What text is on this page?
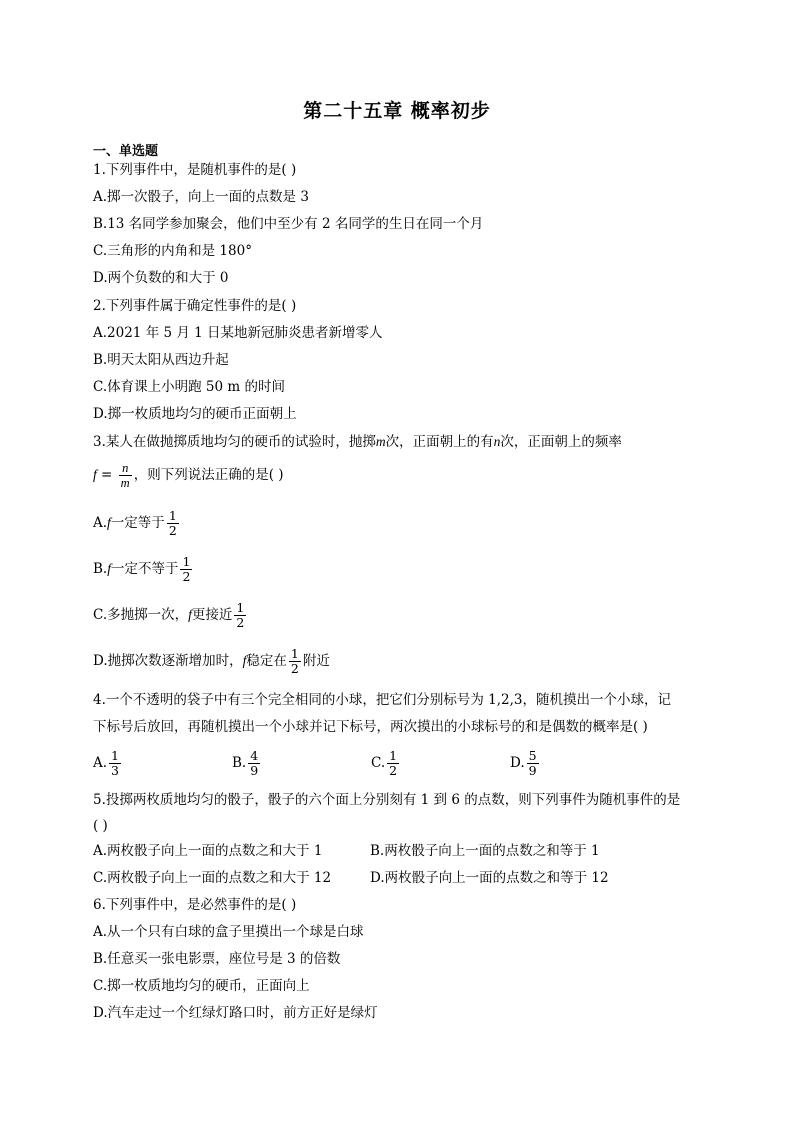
第二十五章 概率初步
一、单选题
1.下列事件中，是随机事件的是( )
A.掷一次骰子，向上一面的点数是 3
B.13 名同学参加聚会，他们中至少有 2 名同学的生日在同一个月
C.三角形的内角和是 180°
D.两个负数的和大于 0
2.下列事件属于确定性事件的是( )
A.2021 年 5 月 1 日某地新冠肺炎患者新增零人
B.明天太阳从西边升起
C.体育课上小明跑 50 m 的时间
D.掷一枚质地均匀的硬币正面朝上
3.某人在做抛掷质地均匀的硬币的试验时，抛掷m次，正面朝上的有n次，正面朝上的频率
$f = \frac{n}{m}$ ，则下列说法正确的是( )
A.f一定等于 $\frac{1}{2}$
B.f一定不等于 $\frac{1}{2}$
C.多抛掷一次，f更接近 $\frac{1}{2}$
D.抛掷次数逐渐增加时，f稳定在 $\frac{1}{2}$ 附近
4.一个不透明的袋子中有三个完全相同的小球，把它们分别标号为 1,2,3，随机摸出一个小球，记
下标号后放回，再随机摸出一个小球并记下标号，两次摸出的小球标号的和是偶数的概率是( )
A. $\frac{1}{3}$	B. $\frac{4}{9}$	C. $\frac{1}{2}$	D. $\frac{5}{9}$
5.投掷两枚质地均匀的骰子，骰子的六个面上分别刻有 1 到 6 的点数，则下列事件为随机事件的是
( )
A.两枚骰子向上一面的点数之和大于 1	B.两枚骰子向上一面的点数之和等于 1
C.两枚骰子向上一面的点数之和大于 12	D.两枚骰子向上一面的点数之和等于 12
6.下列事件中，是必然事件的是( )
A.从一个只有白球的盒子里摸出一个球是白球
B.任意买一张电影票，座位号是 3 的倍数
C.掷一枚质地均匀的硬币，正面向上
D.汽车走过一个红绿灯路口时，前方正好是绿灯
